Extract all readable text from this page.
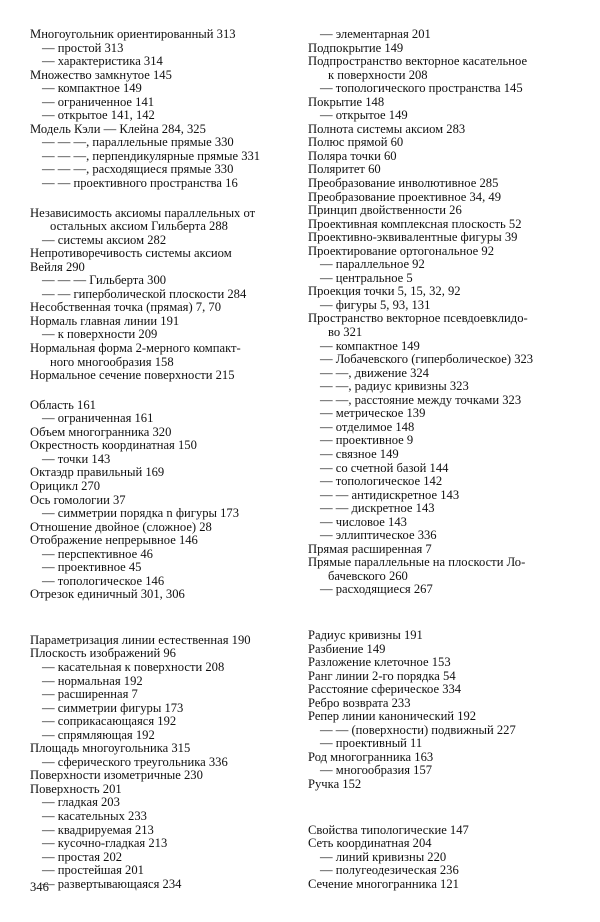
Многоугольник ориентированный 313
— простой 313
— характеристика 314
Множество замкнутое 145
— компактное 149
— ограниченное 141
— открытое 141, 142
Модель Кэли — Клейна 284, 325
— — —, параллельные прямые 330
— — —, перпендикулярные прямые 331
— — —, расходящиеся прямые 330
— — проективного пространства 16
Независимость аксиомы параллельных от
остальных аксиом Гильберта 288
— системы аксиом 282
Непротиворечивость системы аксиом
Вейля 290
— — — Гильберта 300
— — гиперболической плоскости 284
Несобственная точка (прямая) 7, 70
Нормаль главная линии 191
— к поверхности 209
Нормальная форма 2-мерного компакт-
ного многообразия 158
Нормальное сечение поверхности 215
Область 161
— ограниченная 161
Объем многогранника 320
Окрестность координатная 150
— точки 143
Октаэдр правильный 169
Орицикл 270
Ось гомологии 37
— симметрии порядка n фигуры 173
Отношение двойное (сложное) 28
Отображение непрерывное 146
— перспективное 46
— проективное 45
— топологическое 146
Отрезок единичный 301, 306
Параметризация линии естественная 190
Плоскость изображений 96
— касательная к поверхности 208
— нормальная 192
— расширенная 7
— симметрии фигуры 173
— соприкасающаяся 192
— спрямляющая 192
Площадь многоугольника 315
— сферического треугольника 336
Поверхности изометричные 230
Поверхность 201
— гладкая 203
— касательных 233
— квадрируемая 213
— кусочно-гладкая 213
— простая 202
— простейшая 201
— развертывающаяся 234
— элементарная 201
Подпокрытие 149
Подпространство векторное касательное
к поверхности 208
— топологического пространства 145
Покрытие 148
— открытое 149
Полнота системы аксиом 283
Полюс прямой 60
Поляра точки 60
Поляритет 60
Преобразование инволютивное 285
Преобразование проективное 34, 49
Принцип двойственности 26
Проективная комплексная плоскость 52
Проективно-эквивалентные фигуры 39
Проектирование ортогональное 92
— параллельное 92
— центральное 5
Проекция точки 5, 15, 32, 92
— фигуры 5, 93, 131
Пространство векторное псевдоевклидо-
во 321
— компактное 149
— Лобачевского (гиперболическое) 323
— —, движение 324
— —, радиус кривизны 323
— —, расстояние между точками 323
— метрическое 139
— отделимое 148
— проективное 9
— связное 149
— со счетной базой 144
— топологическое 142
— — антидискретное 143
— — дискретное 143
— числовое 143
— эллиптическое 336
Прямая расширенная 7
Прямые параллельные на плоскости Ло-
бачевского 260
— расходящиеся 267
Радиус кривизны 191
Разбиение 149
Разложение клеточное 153
Ранг линии 2-го порядка 54
Расстояние сферическое 334
Ребро возврата 233
Репер линии канонический 192
— — (поверхности) подвижный 227
— проективный 11
Род многогранника 163
— многообразия 157
Ручка 152
Свойства типологические 147
Сеть координатная 204
— линий кривизны 220
— полугеодезическая 236
Сечение многогранника 121
346
